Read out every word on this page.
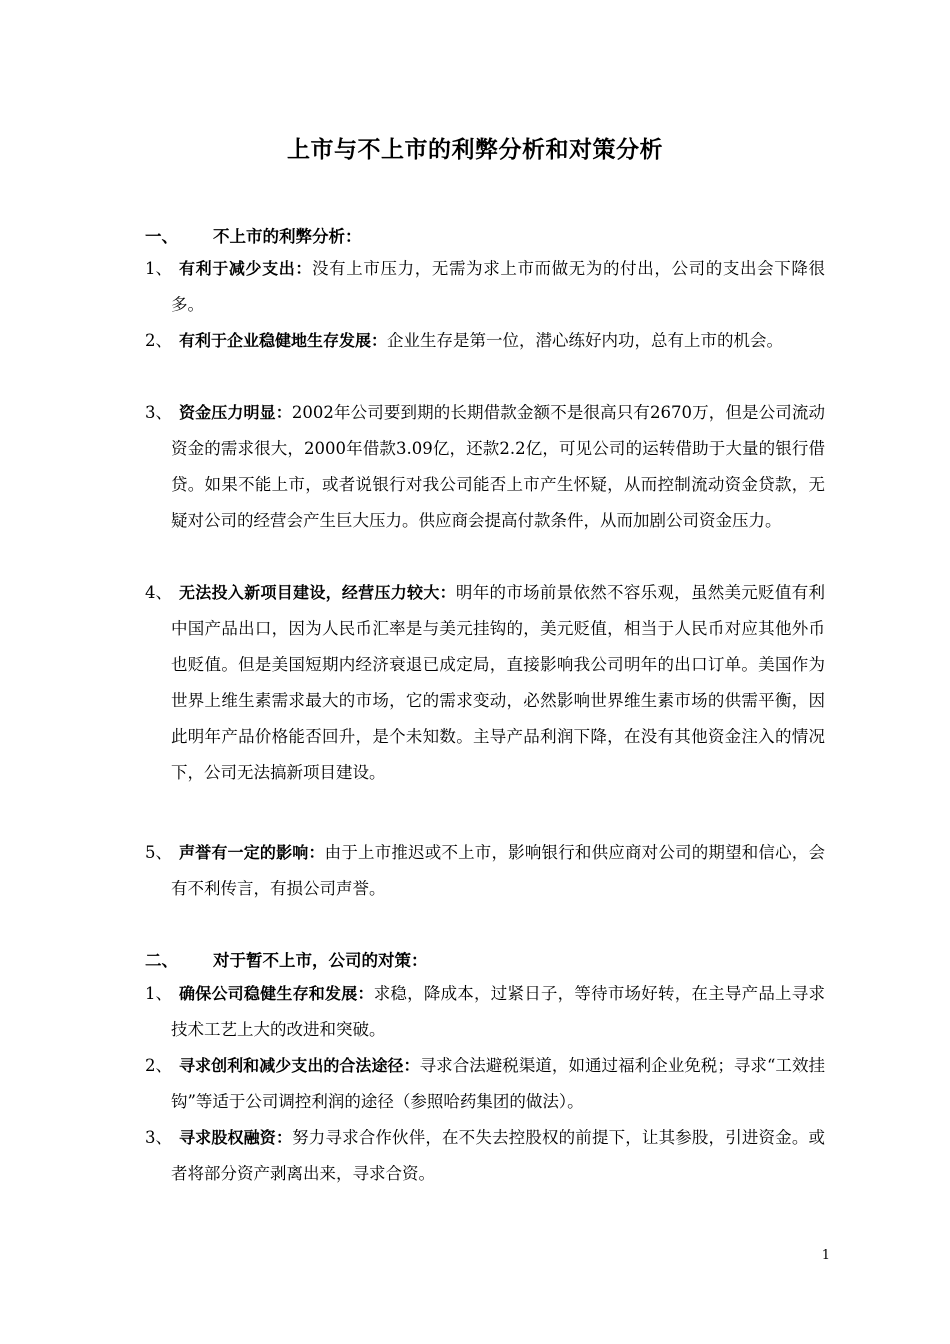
上市与不上市的利弊分析和对策分析
一、 不上市的利弊分析：
1、 有利于减少支出：没有上市压力，无需为求上市而做无为的付出，公司的支出会下降很多。
2、 有利于企业稳健地生存发展：企业生存是第一位，潜心练好内功，总有上市的机会。
3、 资金压力明显：2002年公司要到期的长期借款金额不是很高只有2670万，但是公司流动资金的需求很大，2000年借款3.09亿，还款2.2亿，可见公司的运转借助于大量的银行借贷。如果不能上市，或者说银行对我公司能否上市产生怀疑，从而控制流动资金贷款，无疑对公司的经营会产生巨大压力。供应商会提高付款条件，从而加剧公司资金压力。
4、 无法投入新项目建设，经营压力较大：明年的市场前景依然不容乐观，虽然美元贬值有利中国产品出口，因为人民币汇率是与美元挂钩的，美元贬值，相当于人民币对应其他外币也贬值。但是美国短期内经济衰退已成定局，直接影响我公司明年的出口订单。美国作为世界上维生素需求最大的市场，它的需求变动，必然影响世界维生素市场的供需平衡，因此明年产品价格能否回升，是个未知数。主导产品利润下降，在没有其他资金注入的情况下，公司无法搞新项目建设。
5、 声誉有一定的影响：由于上市推迟或不上市，影响银行和供应商对公司的期望和信心，会有不利传言，有损公司声誉。
二、 对于暂不上市，公司的对策：
1、 确保公司稳健生存和发展：求稳，降成本，过紧日子，等待市场好转，在主导产品上寻求技术工艺上大的改进和突破。
2、 寻求创利和减少支出的合法途径：寻求合法避税渠道，如通过福利企业免税；寻求“工效挂钩”等适于公司调控利润的途径（参照哈药集团的做法）。
3、 寻求股权融资：努力寻求合作伙伴，在不失去控股权的前提下，让其参股，引进资金。或者将部分资产剥离出来，寻求合资。
1
